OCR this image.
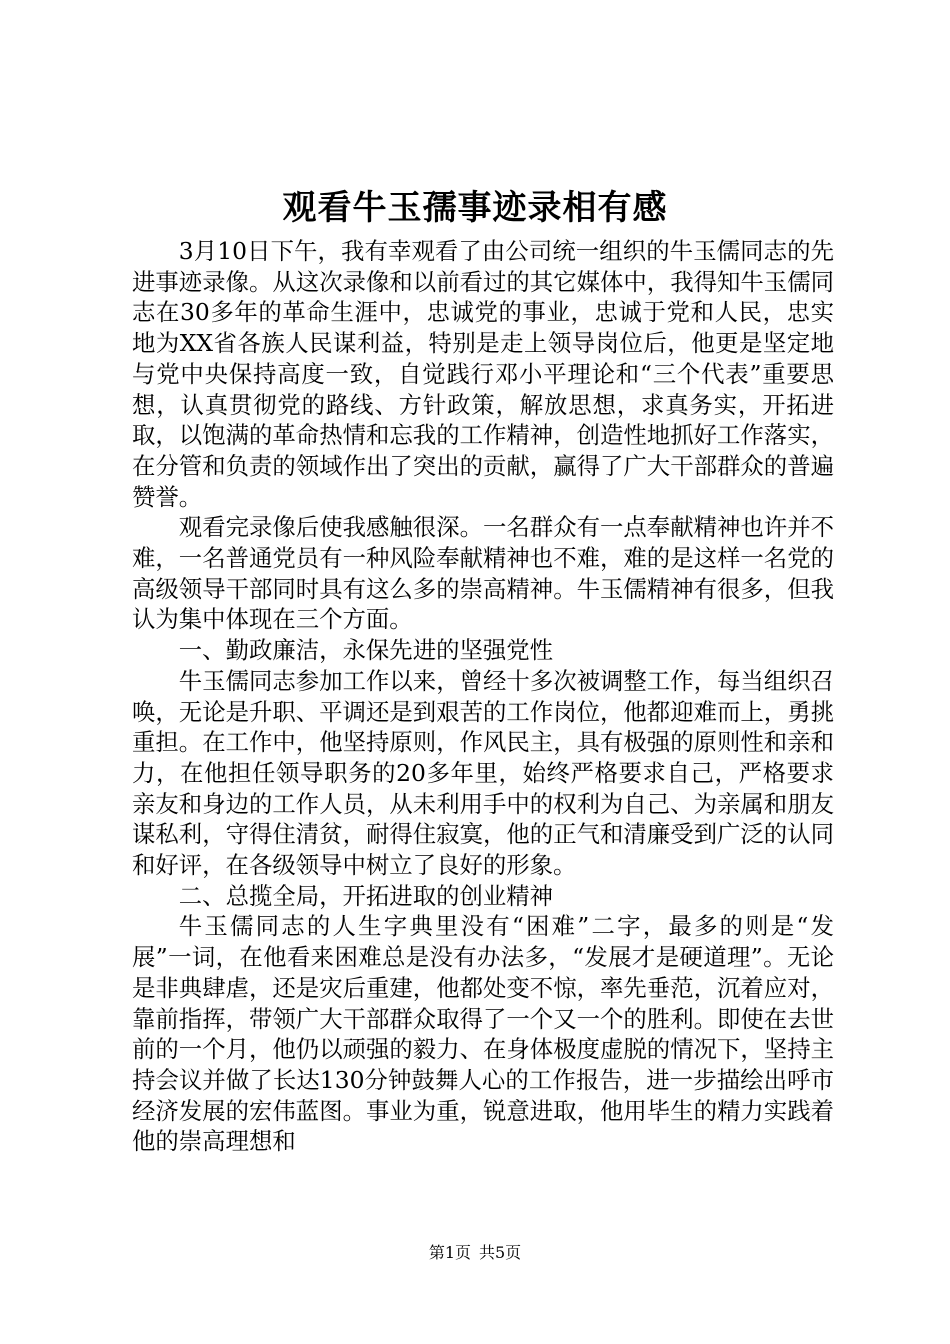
观看牛玉孺事迹录相有感

3月10日下午，我有幸观看了由公司统一组织的牛玉儒同志的先进事迹录像。从这次录像和以前看过的其它媒体中，我得知牛玉儒同志在30多年的革命生涯中，忠诚党的事业，忠诚于党和人民，忠实地为XX省各族人民谋利益，特别是走上领导岗位后，他更是坚定地与党中央保持高度一致，自觉践行邓小平理论和“三个代表”重要思想，认真贯彻党的路线、方针政策，解放思想，求真务实，开拓进取，以饱满的革命热情和忘我的工作精神，创造性地抓好工作落实，在分管和负责的领域作出了突出的贡献，赢得了广大干部群众的普遍赞誉。

观看完录像后使我感触很深。一名群众有一点奉献精神也许并不难，一名普通党员有一种风险奉献精神也不难，难的是这样一名党的高级领导干部同时具有这么多的崇高精神。牛玉儒精神有很多，但我认为集中体现在三个方面。

一、勤政廉洁，永保先进的坚强党性

牛玉儒同志参加工作以来，曾经十多次被调整工作，每当组织召唤，无论是升职、平调还是到艰苦的工作岗位，他都迎难而上，勇挑重担。在工作中，他坚持原则，作风民主，具有极强的原则性和亲和力，在他担任领导职务的20多年里，始终严格要求自己，严格要求亲友和身边的工作人员，从未利用手中的权利为自己、为亲属和朋友谋私利，守得住清贫，耐得住寂寞，他的正气和清廉受到广泛的认同和好评，在各级领导中树立了良好的形象。

二、总揽全局，开拓进取的创业精神

牛玉儒同志的人生字典里没有“困难”二字，最多的则是“发展”一词，在他看来困难总是没有办法多，“发展才是硬道理”。无论是非典肆虐，还是灾后重建，他都处变不惊，率先垂范，沉着应对，靠前指挥，带领广大干部群众取得了一个又一个的胜利。即使在去世前的一个月，他仍以顽强的毅力、在身体极度虚脱的情况下，坚持主持会议并做了长达130分钟鼓舞人心的工作报告，进一步描绘出呼市经济发展的宏伟蓝图。事业为重，锐意进取，他用毕生的精力实践着他的崇高理想和

第1页 共5页
